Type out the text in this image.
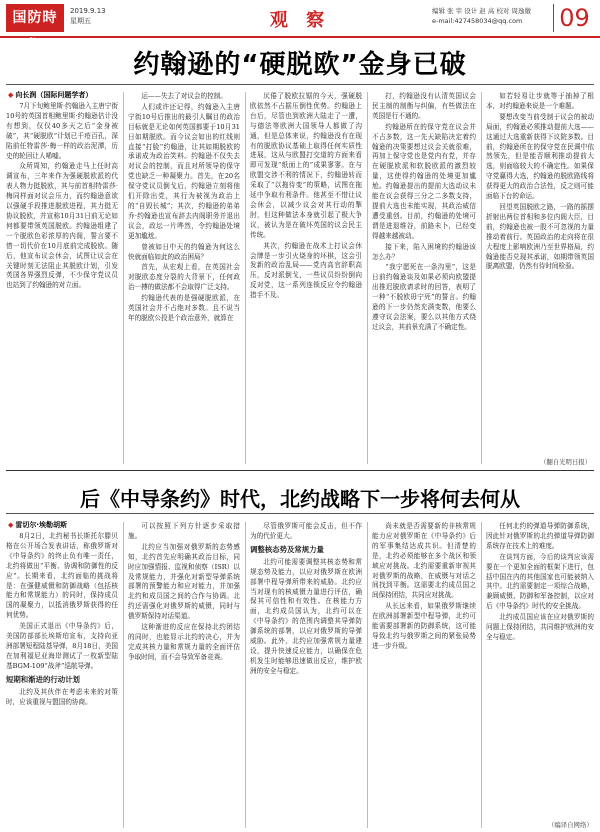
国防時報
2019.9.13
星期五	观 察	编辑 张 宰 设计 赵 高 校对 周逸徽
e-mail:427458034@qq.com	09
约翰逊的“硬脱欧”金身已破
◆ 向长润（国际问题学者）

7月下旬鲍里斯·约翰逊入主唐宁街10号的英国首相鲍里斯·约翰逊估计没有想到，仅仅40多天之后“金身被破”，其“硬脱欧”计划已千疮百孔，深陷前任特雷莎·梅一样的政治泥潭，历史的轮回让人唏嘘。

众所周知，约翰逊走马上任时高调宣布，三年来作为强硬脱欧派的代表人物力挺脱欧，其与前首相特雷莎·梅同样面对议会压力，而约翰逊意欲以强硬手段推进脱欧进程，其力挺无协议脱欧，并宣称10月31日前无论如何都要带领英国脱欧。约翰逊组建了一个脱欧色彩浓厚的内阁，誓言要不惜一切代价在10月底前完成脱欧。随后，他宣布议会休会，试图让议会在关键时刻无法阻止其脱欧计划，引发英国各界强烈反弹，不少保守党议员也站到了约翰逊的对立面。

运——失去了对议会的控制。

人们或许还记得，约翰逊入主唐宁街10号后推出的最引人瞩目的政治目标就是无论如何英国都要于10月31日如期脱欧。而今议会如出的红线则直接“打脸”约翰逊，让其如期脱欧的承诺成为政治笑料。约翰逊不仅失去对议会的控制，而且对所领导的保守党也缺乏一种凝聚力。首先，在20名保守党议员倒戈后，约翰逊立刻将他们开除出党，其行为被视为政治上的“自毁长城”；其次，约翰逊的弟弟乔·约翰逊也宣布辞去内阁职务并退出议会，政坛一片哗然，令约翰逊处境更加尴尬。

曾被如日中天的约翰逊为何这么快就面临如此的政治困局？

首先，从宏观上看，在英国社会对脱欧态度分裂的大背景下，任何政治一搏的做法都不会取得广泛支持。

约翰逊代表的是强硬脱欧派，在英国社会并不占绝对多数。且不说当年的脱欧公投是个政治意外，就算在

厌倦了脱欧拉锯的今天，强硬脱欧依然不占据压倒性优势。约翰逊上台后，尽管也到欧洲大陆走了一遭，与德法等欧洲大国领导人都做了沟通，但是总体来说，约翰逊没有在现有的脱欧协议基础上取得任何实质性进展，这从与欧盟打交道的方面来看即可发现“纸面上的”成果寥寥。在与欧盟交涉不利的情况下，约翰逊转而采取了“以拖待变”的策略，试图在拖延中争取有利条件。他甚至不惜让议会休会，以减少议会对其行动的掣肘，但这种做法本身就引起了极大争议，被认为是在破坏英国的议会民主传统。

其次，约翰逊在战术上打议会休会牌是一步引火烧身的坏棋，这会引发新的政治乱局——党内高官辞职高压，反对派倒戈，一些议员纷纷倒向反对党，这一系列连锁反应令约翰逊措手不及。

打，约翰逊没有认清英国议会民主制的制衡与纠偏，有些做法在英国是行不通的。

约翰逊所在的保守党在议会并不占多数，这一先天缺陷决定着约翰逊的决策要想过议会关就很难，再加上保守党也是党内有党，并存在硬脱欧派和软脱欧派的激烈较量，这使得约翰逊的处境更加尴尬。约翰逊提出的提前大选动议未能在议会获得三分之二多数支持，提前大选也未能实现，其政治威信遭受重创。目前，约翰逊的处境可谓是进退维谷，前路未卜，已经变得越来越被动。

接下来，陷入困境的约翰逊该怎么办？

“我宁愿死在一条沟里”，这是日前约翰逊谈及如果必须向欧盟提出推迟脱欧请求时的回答，表明了一种“不脱欧毋宁死”的誓言。约翰逊的下一步仍然充满变数，他要么遵守议会法案，要么以其他方式绕过议会，其前景充满了不确定性。

如若轻易让步就等于抽掉了根本，对约翰逊来说是一个难题。

要想改变当前受制于议会的被动局面，约翰逊必须推动提前大选——这通过大选重新获得下议院多数。目前，约翰逊所在的保守党在民调中依然领先，但是能否顺利推动提前大选，则面临较大的不确定性。如果保守党赢得大选，约翰逊的脱欧路线将获得更大的政治合法性，反之则可能面临下台的命运。

回望英国脱欧之路，一路的摇摆折射出两位首相和多位内阁大臣，目前，约翰逊也被一股不可忽视的力量推动着前行。英国政治的走向将在很大程度上影响欧洲乃至世界格局，约翰逊能否兑现其承诺，如期带领英国脱离欧盟，仍然有待时间检验。

（翻自光明日报）
后《中导条约》时代，北约战略下一步将何去何从
◆ 雷切尔·埃勒胡斯

8月2日，北约秘书长斯托尔滕贝格在公开场合发表讲话，称俄罗斯对《中导条约》的终止负有唯一责任，北约将做出“平衡、协调和防御性的反应”。长期来看，北约面临的挑战将是：在强健威慑和防御战略（包括核能力和常规能力）的同时，保持成员国的凝聚力，以抵消俄罗斯获得的任何优势。

美国正式退出《中导条约》后，美国防部部长埃斯珀宣布，支持向亚洲部署短程陆基导弹，8月18日，美国在加利福尼亚海岸测试了一枚新型陆基BGM-109“战斧”巡航导弹。

短期和渐进的行动计划

北约及其伙伴在考虑未来的对策时，应该重视与盟国的协商。

可以按照下列方针逐步采取措施。

北约应当加强对俄罗斯的态势感知，北约首先应明确其政治目标，同时应加强情报、监视和侦察（ISR）以及常规能力，并强化对新型导弹系统部署的预警能力和应对能力，并加强北约和成员国之间的合作与协调。北约还需强化对俄罗斯的威慑，同时与俄罗斯保持对话渠道。

这种渐进的反应在保持北约团结的同时，也能显示北约的决心，并为完成其核力量和常规力量的全面评估争取时间，而不会导致军备竞赛。

尽管俄罗斯可能会反击，但不作为的代价更大。

调整核态势及常规力量

北约可能需要调整其核态势和常规态势及能力，以应对俄罗斯在欧洲部署中程导弹所带来的威胁。北约应当对现有的核威慑力量进行评估，确保其可信性和有效性。在核能力方面，北约成员国认为，北约可以在《中导条约》的范围内调整其导弹防御系统的部署，以应对俄罗斯的导弹威胁。此外，北约应加强常规力量建设，提升快速反应能力，以确保在危机发生时能够迅速做出反应，维护欧洲的安全与稳定。

尚未就是否需要新的非核常规能力应对俄罗斯在《中导条约》后的军事集结达成共识。但清楚的是，北约必须能够在多个战区和领域应对挑战。北约需要重新审视其对俄罗斯的战略，在威慑与对话之间找到平衡。这需要北约成员国之间保持团结，共同应对挑战。

从长远来看，如果俄罗斯继续在欧洲部署新型中程导弹，北约可能需要部署新的防御系统，这可能导致北约与俄罗斯之间的紧张局势进一步升级。

任何北约的弹道导弹防御系统，因此针对俄罗斯的北约弹道导弹防御系统存在技术上的难度。

在谈判方面，今后的谈判应该需要在一个更加全面的框架下进行，包括中国在内的其他国家也可能被纳入其中。北约需要制定一项综合战略，兼顾威慑、防御和军备控制，以应对后《中导条约》时代的安全挑战。

北约成员国应该在应对俄罗斯的问题上保持团结，共同维护欧洲的安全与稳定。

（编译自网络）
